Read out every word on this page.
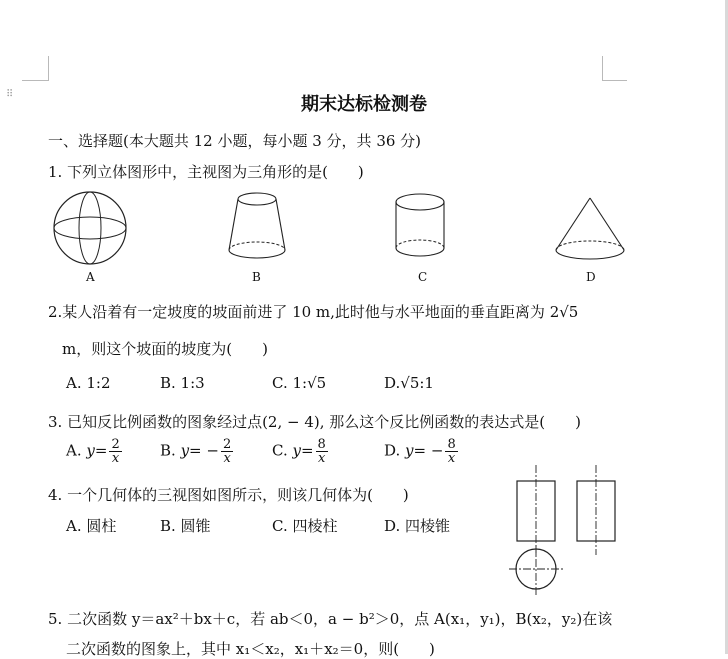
⠿	期末达标检测卷
一、选择题(本大题共 12 小题，每小题 3 分，共 36 分)
1. 下列立体图形中，主视图为三角形的是(　　)
A	B	C	D
2.某人沿着有一定坡度的坡面前进了 10 m,此时他与水平地面的垂直距离为 2√5
m，则这个坡面的坡度为(　　)
A. 1:2	B. 1:3	C. 1:√5	D.√5:1
3. 已知反比例函数的图象经过点(2, − 4), 那么这个反比例函数的表达式是(　　)
A. $y= \frac{2}{x}$	B. $y= - \frac{2}{x}$	C. $y= \frac{8}{x}$	D. $y= - \frac{8}{x}$
4. 一个几何体的三视图如图所示，则该几何体为(　　)
A. 圆柱	B. 圆锥	C. 四棱柱	D. 四棱锥
5. 二次函数 y＝ax²＋bx＋c，若 ab＜0，a − b²＞0，点 A(x₁，y₁)，B(x₂，y₂)在该
二次函数的图象上，其中 x₁＜x₂，x₁＋x₂＝0，则(　　)
